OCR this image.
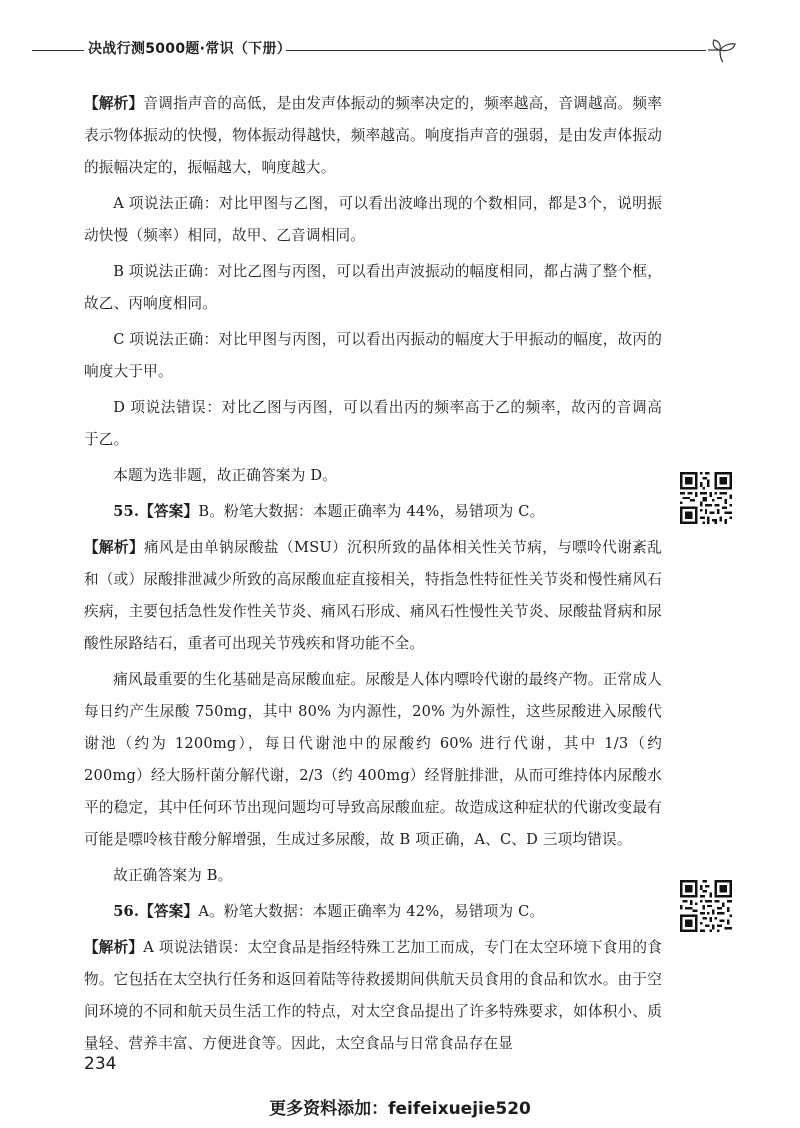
决战行测5000题·常识（下册）

【解析】音调指声音的高低，是由发声体振动的频率决定的，频率越高，音调越高。频率表示物体振动的快慢，物体振动得越快，频率越高。响度指声音的强弱，是由发声体振动的振幅决定的，振幅越大，响度越大。

A 项说法正确：对比甲图与乙图，可以看出波峰出现的个数相同，都是3个，说明振动快慢（频率）相同，故甲、乙音调相同。

B 项说法正确：对比乙图与丙图，可以看出声波振动的幅度相同，都占满了整个框，故乙、丙响度相同。

C 项说法正确：对比甲图与丙图，可以看出丙振动的幅度大于甲振动的幅度，故丙的响度大于甲。

D 项说法错误：对比乙图与丙图，可以看出丙的频率高于乙的频率，故丙的音调高于乙。

本题为选非题，故正确答案为 D。

55.【答案】B。粉笔大数据：本题正确率为 44%，易错项为 C。

【解析】痛风是由单钠尿酸盐（MSU）沉积所致的晶体相关性关节病，与嘌呤代谢紊乱和（或）尿酸排泄减少所致的高尿酸血症直接相关，特指急性特征性关节炎和慢性痛风石疾病，主要包括急性发作性关节炎、痛风石形成、痛风石性慢性关节炎、尿酸盐肾病和尿酸性尿路结石，重者可出现关节残疾和肾功能不全。

痛风最重要的生化基础是高尿酸血症。尿酸是人体内嘌呤代谢的最终产物。正常成人每日约产生尿酸 750mg，其中 80% 为内源性，20% 为外源性，这些尿酸进入尿酸代谢池（约为 1200mg），每日代谢池中的尿酸约 60% 进行代谢，其中 1/3（约 200mg）经大肠杆菌分解代谢，2/3（约 400mg）经肾脏排泄，从而可维持体内尿酸水平的稳定，其中任何环节出现问题均可导致高尿酸血症。故造成这种症状的代谢改变最有可能是嘌呤核苷酸分解增强，生成过多尿酸，故 B 项正确，A、C、D 三项均错误。

故正确答案为 B。

56.【答案】A。粉笔大数据：本题正确率为 42%，易错项为 C。

【解析】A 项说法错误：太空食品是指经特殊工艺加工而成，专门在太空环境下食用的食物。它包括在太空执行任务和返回着陆等待救援期间供航天员食用的食品和饮水。由于空间环境的不同和航天员生活工作的特点，对太空食品提出了许多特殊要求，如体积小、质量轻、营养丰富、方便进食等。因此，太空食品与日常食品存在显

234
更多资料添加：feifeixuejie520
